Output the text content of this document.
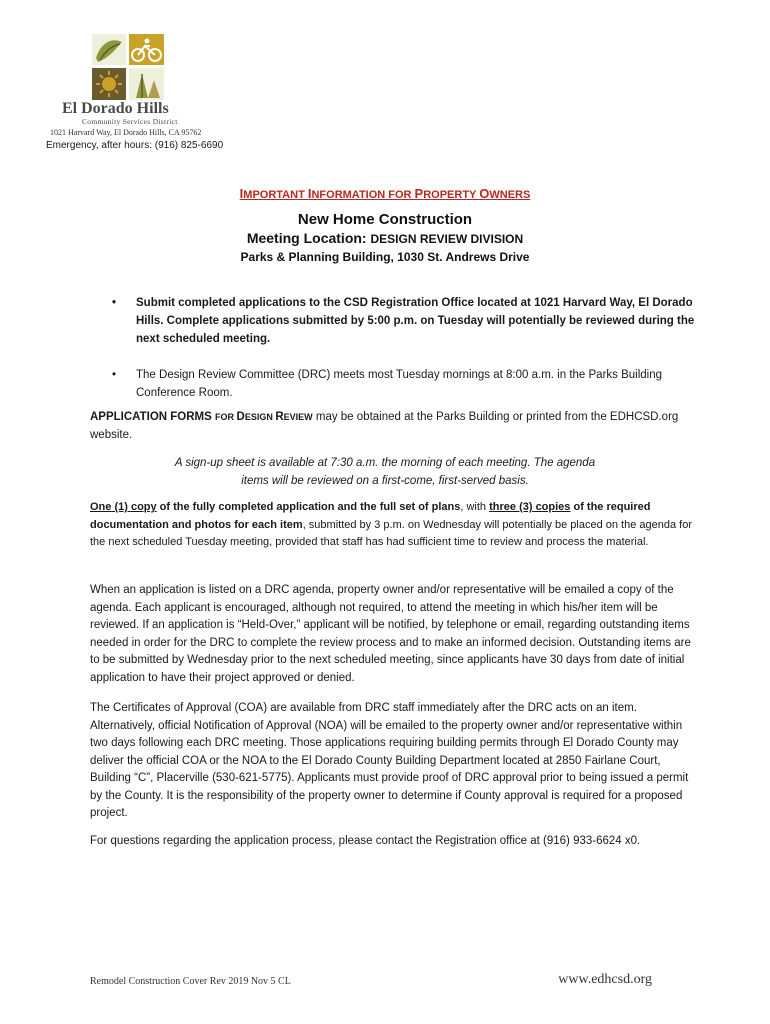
El Dorado Hills
Community Services District
1021 Harvard Way, El Dorado Hills, CA 95762
Emergency, after hours: (916) 825-6690
IMPORTANT INFORMATION FOR PROPERTY OWNERS
New Home Construction
Meeting Location: DESIGN REVIEW DIVISION
Parks & Planning Building, 1030 St. Andrews Drive
• Submit completed applications to the CSD Registration Office located at 1021 Harvard Way, El Dorado Hills. Complete applications submitted by 5:00 p.m. on Tuesday will potentially be reviewed during the next scheduled meeting.
• The Design Review Committee (DRC) meets most Tuesday mornings at 8:00 a.m. in the Parks Building Conference Room.
APPLICATION FORMS FOR DESIGN REVIEW may be obtained at the Parks Building or printed from the EDHCSD.org website.
A sign-up sheet is available at 7:30 a.m. the morning of each meeting. The agenda
items will be reviewed on a first-come, first-served basis.
One (1) copy of the fully completed application and the full set of plans, with three (3) copies of the required documentation and photos for each item, submitted by 3 p.m. on Wednesday will potentially be placed on the agenda for the next scheduled Tuesday meeting, provided that staff has had sufficient time to review and process the material.
When an application is listed on a DRC agenda, property owner and/or representative will be emailed a copy of the agenda. Each applicant is encouraged, although not required, to attend the meeting in which his/her item will be reviewed. If an application is “Held-Over,” applicant will be notified, by telephone or email, regarding outstanding items needed in order for the DRC to complete the review process and to make an informed decision. Outstanding items are to be submitted by Wednesday prior to the next scheduled meeting, since applicants have 30 days from date of initial application to have their project approved or denied.
The Certificates of Approval (COA) are available from DRC staff immediately after the DRC acts on an item. Alternatively, official Notification of Approval (NOA) will be emailed to the property owner and/or representative within two days following each DRC meeting. Those applications requiring building permits through El Dorado County may deliver the official COA or the NOA to the El Dorado County Building Department located at 2850 Fairlane Court, Building “C”, Placerville (530-621-5775). Applicants must provide proof of DRC approval prior to being issued a permit by the County. It is the responsibility of the property owner to determine if County approval is required for a proposed project.
For questions regarding the application process, please contact the Registration office at (916) 933-6624 x0.
Remodel Construction Cover Rev 2019 Nov 5 CL	www.edhcsd.org
